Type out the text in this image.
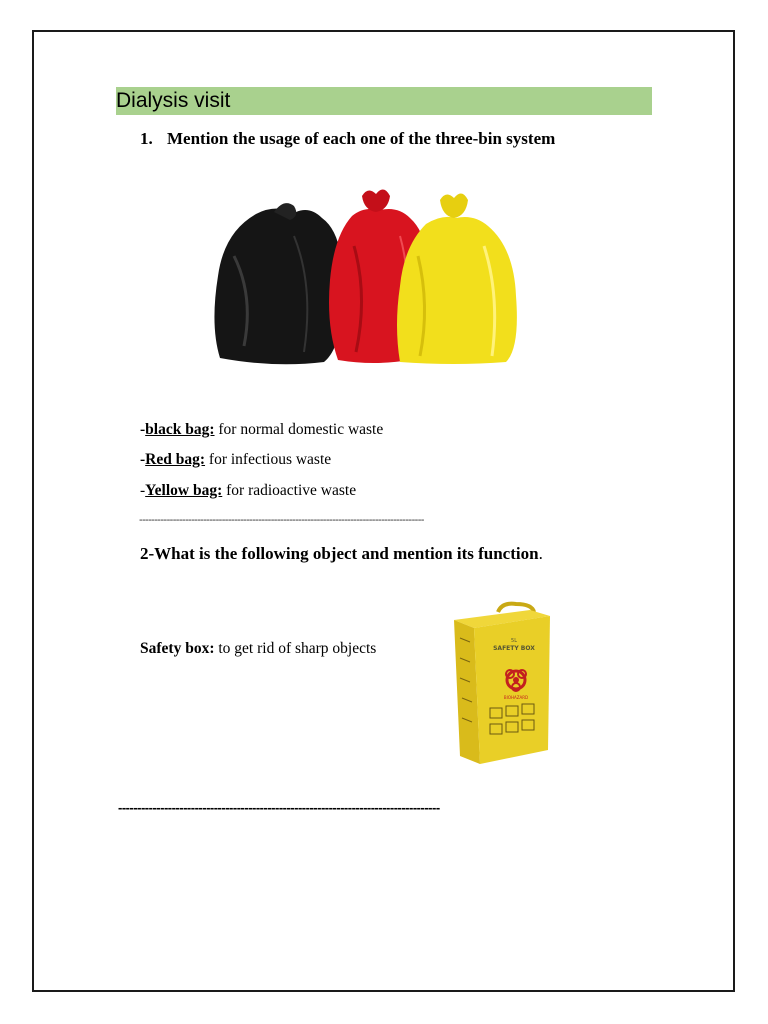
Dialysis visit
1. Mention the usage of each one of the three-bin system
-black bag: for normal domestic waste
-Red bag: for infectious waste
-Yellow bag: for radioactive waste
---------------------------------------------------------------------------------------------
2-What is the following object and mention its function.
Safety box: to get rid of sharp objects	5L
SAFETY BOX
BIOHAZARD
------------------------------------------------------------------------------------
